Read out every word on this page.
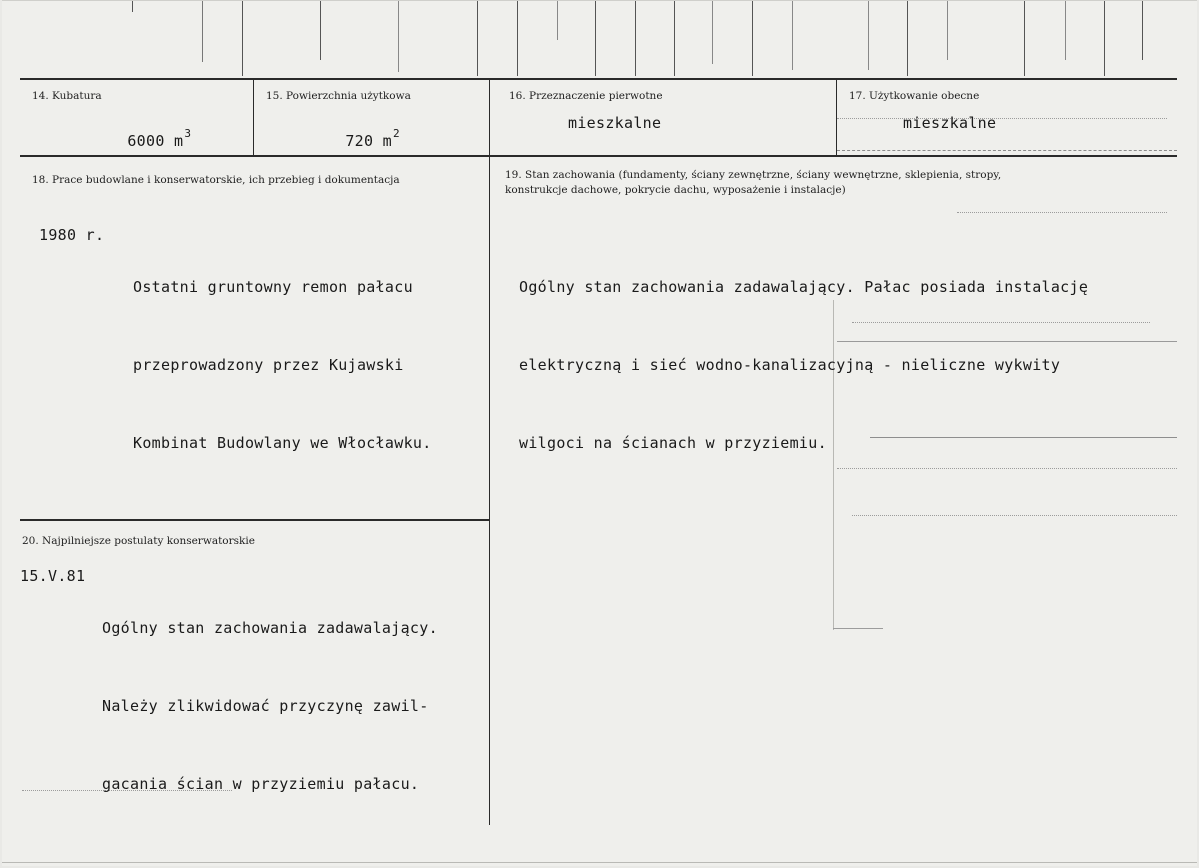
14. Kubatura

6000 $m^3$

15. Powierzchnia użytkowa

720 $m^2$

16. Przeznaczenie pierwotne
mieszkalne
17. Użytkowanie obecne
mieszkalne
18. Prace budowlane i konserwatorskie, ich przebieg i dokumentacja
1980 r.

Ostatni gruntowny remon pałacu

przeprowadzony przez Kujawski

Kombinat Budowlany we Włocławku.

19. Stan zachowania (fundamenty, ściany zewnętrzne, ściany wewnętrzne, sklepienia, stropy,
konstrukcje dachowe, pokrycie dachu, wyposażenie i instalacje)

Ogólny stan zachowania zadawalający. Pałac posiada instalację

elektryczną i sieć wodno-kanalizacyjną - nieliczne wykwity

wilgoci na ścianach w przyziemiu.

20. Najpilniejsze postulaty konserwatorskie
15.V.81

Ogólny stan zachowania zadawalający.

Należy zlikwidować przyczynę zawil-

gacania ścian w przyziemiu pałacu.
